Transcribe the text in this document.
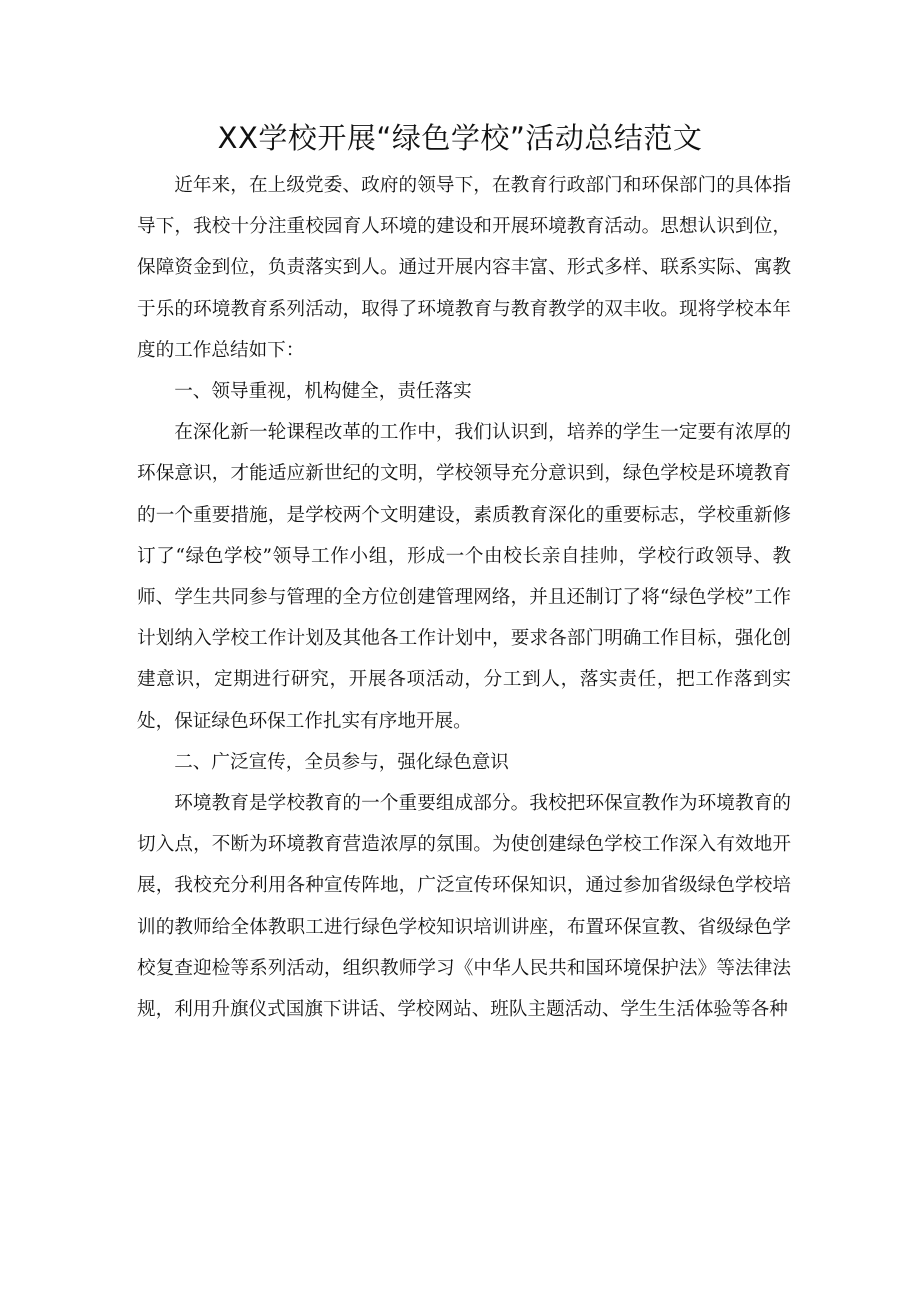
XX学校开展“绿色学校”活动总结范文

近年来，在上级党委、政府的领导下，在教育行政部门和环保部门的具体指导下，我校十分注重校园育人环境的建设和开展环境教育活动。思想认识到位，保障资金到位，负责落实到人。通过开展内容丰富、形式多样、联系实际、寓教于乐的环境教育系列活动，取得了环境教育与教育教学的双丰收。现将学校本年度的工作总结如下：

一、领导重视，机构健全，责任落实

在深化新一轮课程改革的工作中，我们认识到，培养的学生一定要有浓厚的环保意识，才能适应新世纪的文明，学校领导充分意识到，绿色学校是环境教育的一个重要措施，是学校两个文明建设，素质教育深化的重要标志，学校重新修订了“绿色学校”领导工作小组，形成一个由校长亲自挂帅，学校行政领导、教师、学生共同参与管理的全方位创建管理网络，并且还制订了将“绿色学校”工作计划纳入学校工作计划及其他各工作计划中，要求各部门明确工作目标，强化创建意识，定期进行研究，开展各项活动，分工到人，落实责任，把工作落到实处，保证绿色环保工作扎实有序地开展。

二、广泛宣传，全员参与，强化绿色意识

环境教育是学校教育的一个重要组成部分。我校把环保宣教作为环境教育的切入点，不断为环境教育营造浓厚的氛围。为使创建绿色学校工作深入有效地开展，我校充分利用各种宣传阵地，广泛宣传环保知识，通过参加省级绿色学校培训的教师给全体教职工进行绿色学校知识培训讲座，布置环保宣教、省级绿色学校复查迎检等系列活动，组织教师学习《中华人民共和国环境保护法》等法律法规，利用升旗仪式国旗下讲话、学校网站、班队主题活动、学生生活体验等各种
